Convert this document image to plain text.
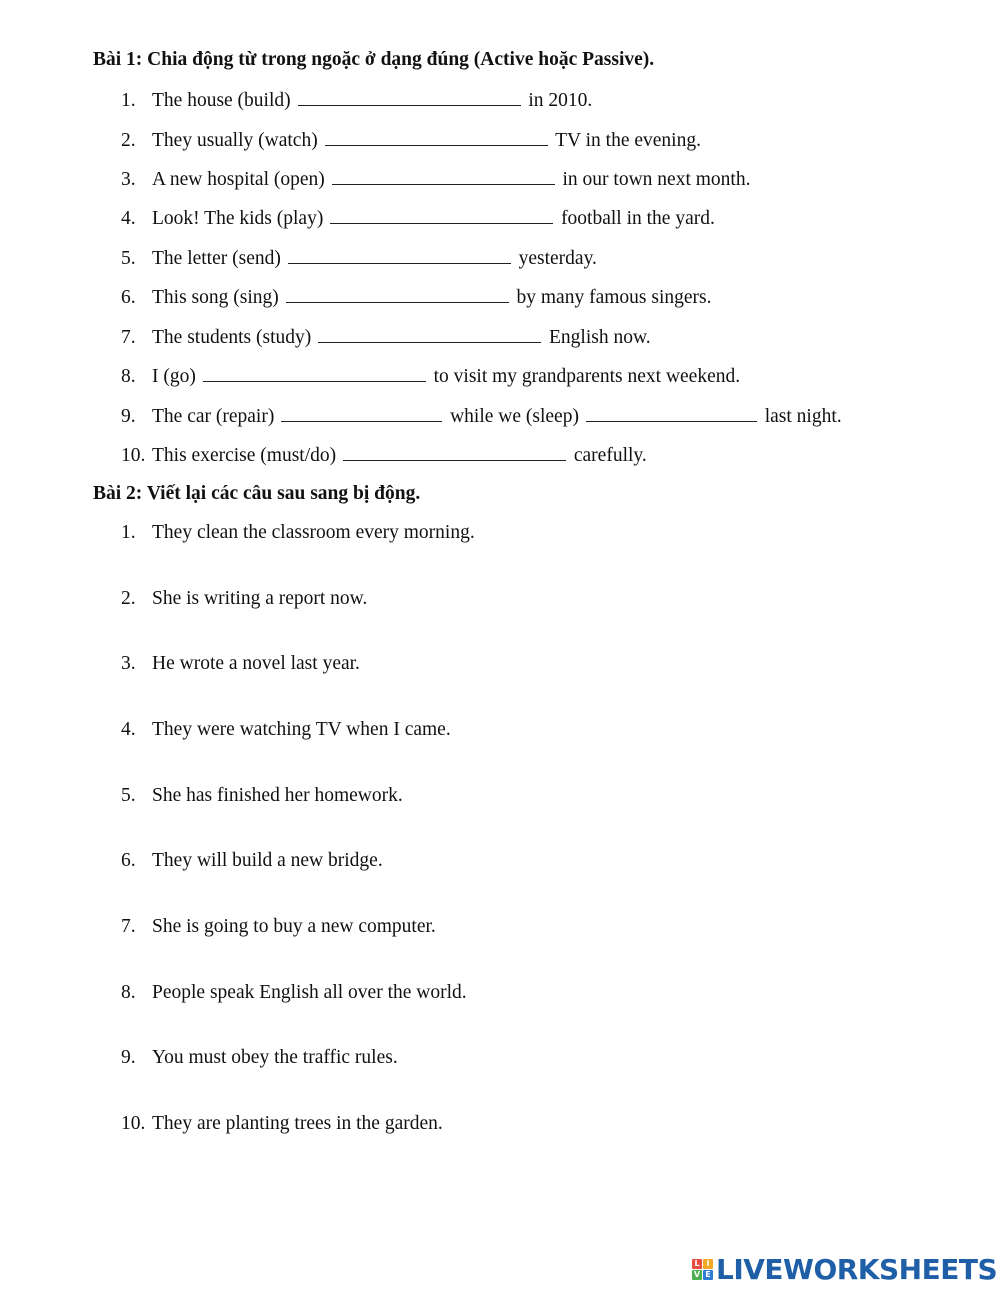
Bài 1: Chia động từ trong ngoặc ở dạng đúng (Active hoặc Passive).
1. The house (build)	in 2010.
2. They usually (watch)	TV in the evening.
3. A new hospital (open)	in our town next month.
4. Look! The kids (play)	football in the yard.
5. The letter (send)	yesterday.
6. This song (sing)	by many famous singers.
7. The students (study)	English now.
8. I (go)	to visit my grandparents next weekend.
9. The car (repair)	while we (sleep)	last night.
10. This exercise (must/do)	carefully.
Bài 2: Viết lại các câu sau sang bị động.
1. They clean the classroom every morning.
2. She is writing a report now.
3. He wrote a novel last year.
4. They were watching TV when I came.
5. She has finished her homework.
6. They will build a new bridge.
7. She is going to buy a new computer.
8. People speak English all over the world.
9. You must obey the traffic rules.
10. They are planting trees in the garden.
L I
V E LIVEWORKSHEETS
